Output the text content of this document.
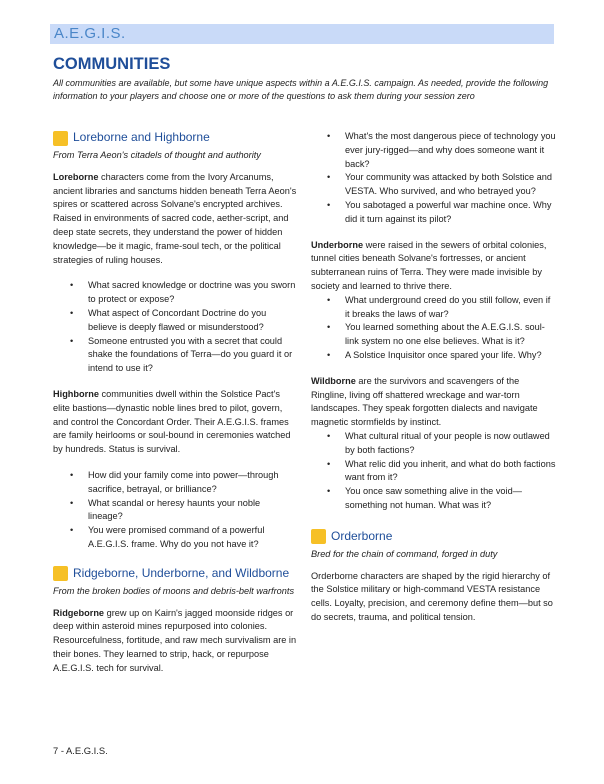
A.E.G.I.S.
COMMUNITIES
All communities are available, but some have unique aspects within a A.E.G.I.S. campaign. As needed, provide the following information to your players and choose one or more of the questions to ask them during your session zero
Loreborne and Highborne

From Terra Aeon's citadels of thought and authority

Loreborne characters come from the Ivory Arcanums, ancient libraries and sanctums hidden beneath Terra Aeon's spires or scattered across Solvane's encrypted archives. Raised in environments of sacred code, aether-script, and deep state secrets, they understand the power of hidden knowledge—be it magic, frame-soul tech, or the political strategies of ruling houses.

• What sacred knowledge or doctrine was you sworn to protect or expose?
• What aspect of Concordant Doctrine do you believe is deeply flawed or misunderstood?
• Someone entrusted you with a secret that could shake the foundations of Terra—do you guard it or intend to use it?

Highborne communities dwell within the Solstice Pact's elite bastions—dynastic noble lines bred to pilot, govern, and control the Concordant Order. Their A.E.G.I.S. frames are family heirlooms or soul-bound in ceremonies watched by hundreds. Status is survival.

• How did your family come into power—through sacrifice, betrayal, or brilliance?
• What scandal or heresy haunts your noble lineage?
• You were promised command of a powerful A.E.G.I.S. frame. Why do you not have it?
Ridgeborne, Underborne, and Wildborne

From the broken bodies of moons and debris-belt warfronts

Ridgeborne grew up on Kairn's jagged moonside ridges or deep within asteroid mines repurposed into colonies. Resourcefulness, fortitude, and raw mech survivalism are in their bones. They learned to strip, hack, or repurpose A.E.G.I.S. tech for survival.

• What's the most dangerous piece of technology you ever jury-rigged—and why does someone want it back?
• Your community was attacked by both Solstice and VESTA. Who survived, and who betrayed you?
• You sabotaged a powerful war machine once. Why did it turn against its pilot?

Underborne were raised in the sewers of orbital colonies, tunnel cities beneath Solvane's fortresses, or ancient subterranean ruins of Terra. They were made invisible by society and learned to thrive there.

• What underground creed do you still follow, even if it breaks the laws of war?
• You learned something about the A.E.G.I.S. soul-link system no one else believes. What is it?
• A Solstice Inquisitor once spared your life. Why?

Wildborne are the survivors and scavengers of the Ringline, living off shattered wreckage and war-torn landscapes. They speak forgotten dialects and navigate magnetic stormfields by instinct.

• What cultural ritual of your people is now outlawed by both factions?
• What relic did you inherit, and what do both factions want from it?
• You once saw something alive in the void—something not human. What was it?
Orderborne

Bred for the chain of command, forged in duty

Orderborne characters are shaped by the rigid hierarchy of the Solstice military or high-command VESTA resistance cells. Loyalty, precision, and ceremony define them—but so do secrets, trauma, and political tension.

7 - A.E.G.I.S.
